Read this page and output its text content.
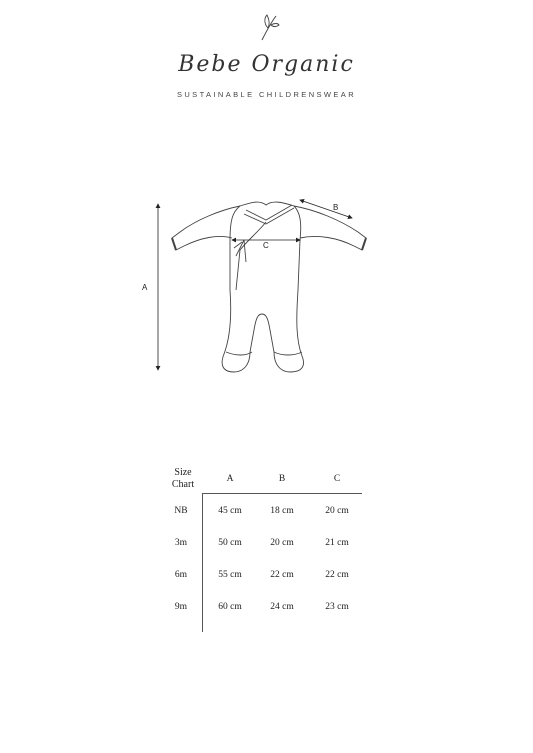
Bebe Organic
SUSTAINABLE CHILDRENSWEAR
A
B
C
Size
Chart	A	B	C
NB	45 cm	18 cm	20 cm
3m	50 cm	20 cm	21 cm
6m	55 cm	22 cm	22 cm
9m	60 cm	24 cm	23 cm
